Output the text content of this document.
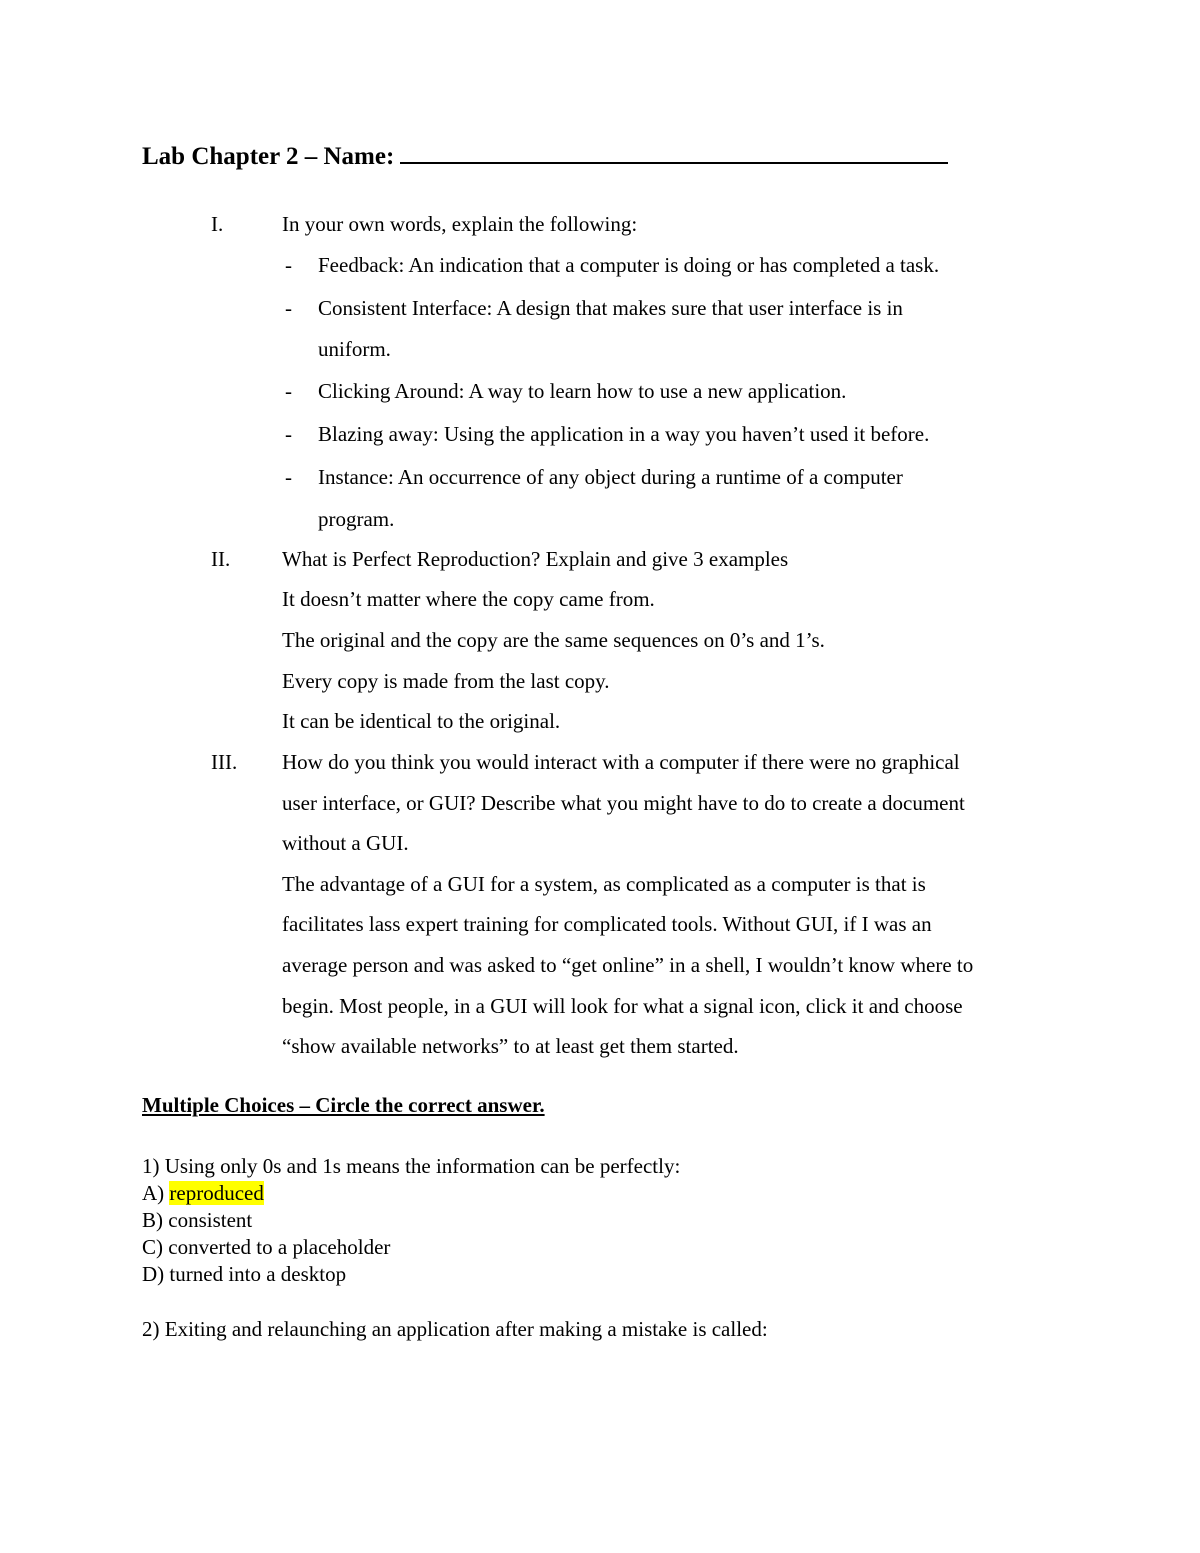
Lab Chapter 2 – Name:
I.	In your own words, explain the following:
- Feedback: An indication that a computer is doing or has completed a task.
- Consistent Interface: A design that makes sure that user interface is in
uniform.
- Clicking Around: A way to learn how to use a new application.
- Blazing away: Using the application in a way you haven’t used it before.
- Instance: An occurrence of any object during a runtime of a computer
program.
II. What is Perfect Reproduction? Explain and give 3 examples
It doesn’t matter where the copy came from.
The original and the copy are the same sequences on 0’s and 1’s.
Every copy is made from the last copy.
It can be identical to the original.
III. How do you think you would interact with a computer if there were no graphical
user interface, or GUI? Describe what you might have to do to create a document
without a GUI.
The advantage of a GUI for a system, as complicated as a computer is that is
facilitates lass expert training for complicated tools. Without GUI, if I was an
average person and was asked to “get online” in a shell, I wouldn’t know where to
begin. Most people, in a GUI will look for what a signal icon, click it and choose
“show available networks” to at least get them started.
Multiple Choices – Circle the correct answer.
1) Using only 0s and 1s means the information can be perfectly:
A) reproduced
B) consistent
C) converted to a placeholder
D) turned into a desktop
2) Exiting and relaunching an application after making a mistake is called:
